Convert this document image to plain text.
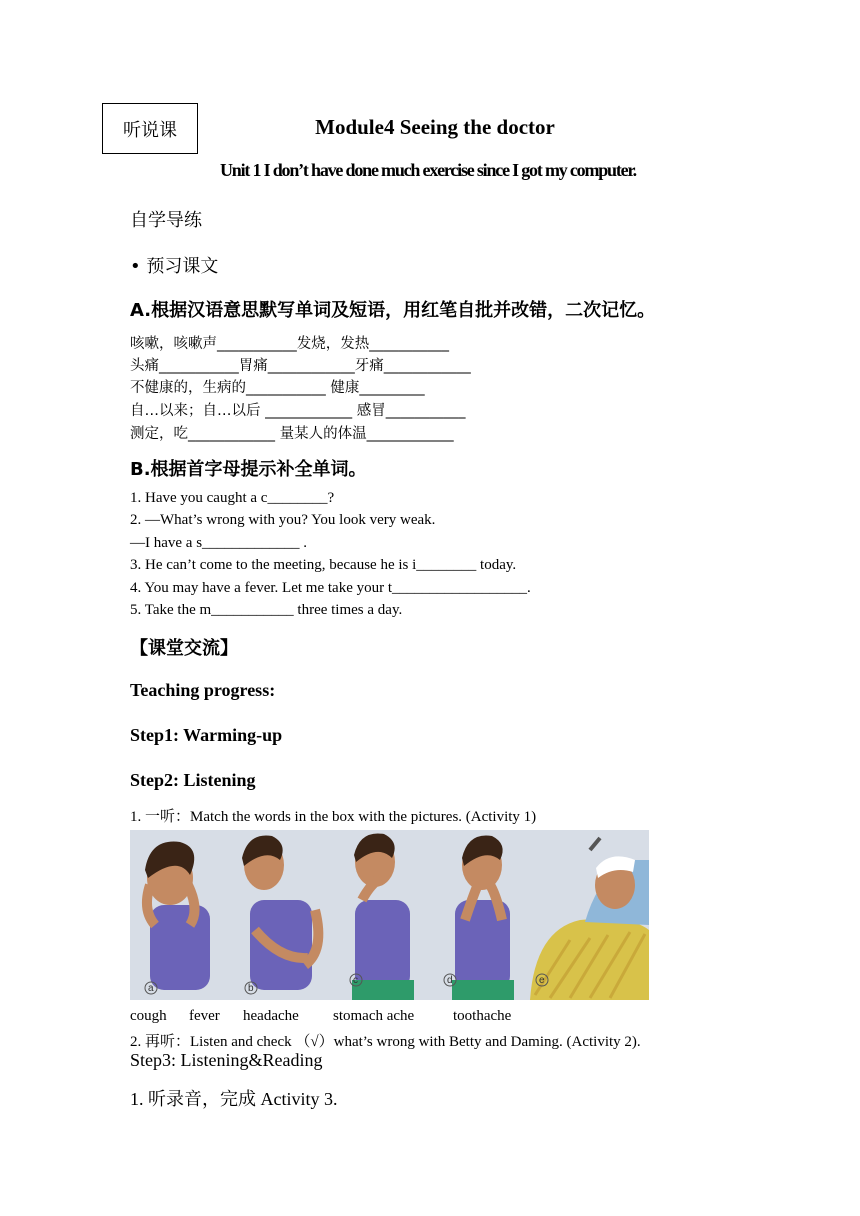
听说课	Module4 Seeing the doctor
Unit 1 I don’t have done much exercise since I got my computer.
自学导练
• 预习课文
A.根据汉语意思默写单词及短语，用红笔自批并改错，二次记忆。
咳嗽，咳嗽声___________发烧，发热___________
头痛___________胃痛____________牙痛____________
不健康的，生病的___________ 健康_________
自…以来；自…以后 ____________ 感冒___________
测定，吃____________ 量某人的体温____________
B.根据首字母提示补全单词。
1. Have you caught a c________?
2. —What’s wrong with you? You look very weak.
—I have a s_____________ .
3. He can’t come to the meeting, because he is i________ today.
4. You may have a fever. Let me take your t__________________.
5. Take the m___________ three times a day.
【课堂交流】
Teaching progress:
Step1: Warming-up
Step2: Listening
1. 一听：Match the words in the box with the pictures. (Activity 1)
a	b
c	d	e
cough fever headache stomach ache	toothache
2. 再听：Listen and check （√）what’s wrong with Betty and Daming. (Activity 2).
Step3: Listening&Reading
1. 听录音，完成 Activity 3.
